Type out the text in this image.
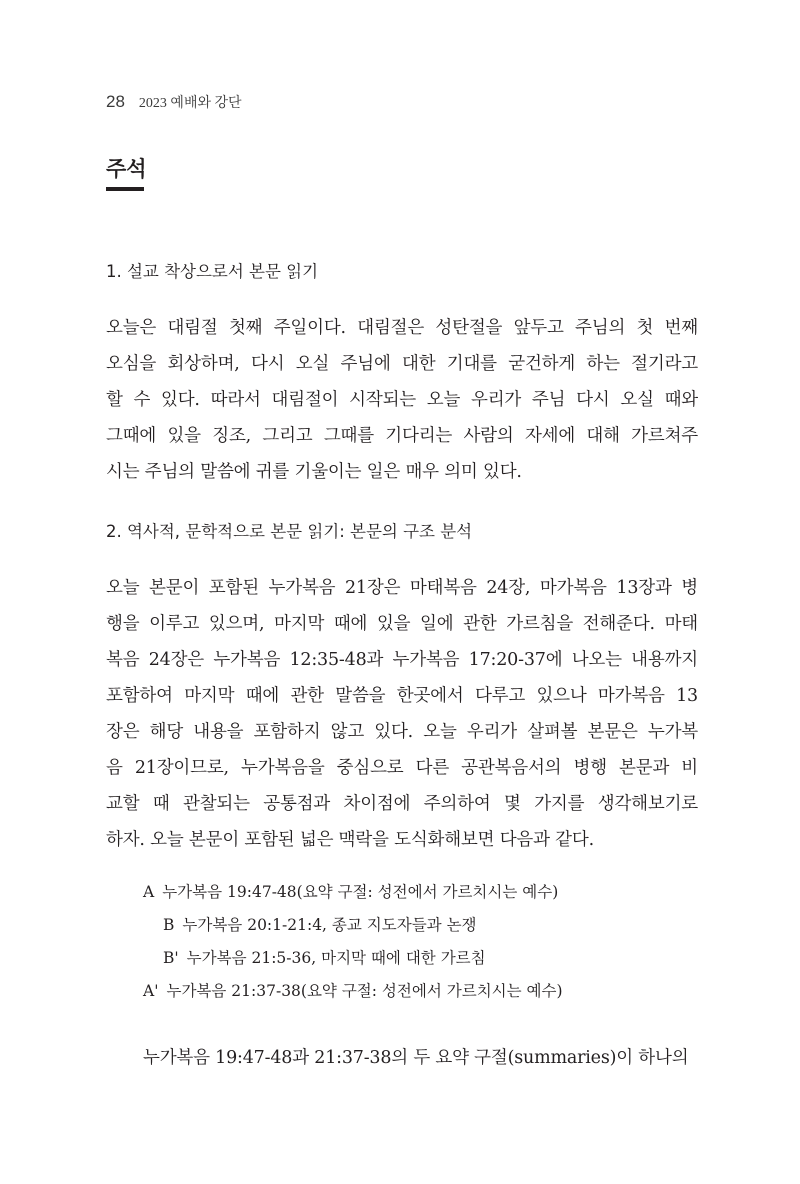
28 2023 예배와 강단
주석
1. 설교 착상으로서 본문 읽기
오늘은 대림절 첫째 주일이다. 대림절은 성탄절을 앞두고 주님의 첫 번째
오심을 회상하며, 다시 오실 주님에 대한 기대를 굳건하게 하는 절기라고
할 수 있다. 따라서 대림절이 시작되는 오늘 우리가 주님 다시 오실 때와
그때에 있을 징조, 그리고 그때를 기다리는 사람의 자세에 대해 가르쳐주
시는 주님의 말씀에 귀를 기울이는 일은 매우 의미 있다.
2. 역사적, 문학적으로 본문 읽기: 본문의 구조 분석
오늘 본문이 포함된 누가복음 21장은 마태복음 24장, 마가복음 13장과 병
행을 이루고 있으며, 마지막 때에 있을 일에 관한 가르침을 전해준다. 마태
복음 24장은 누가복음 12:35-48과 누가복음 17:20-37에 나오는 내용까지
포함하여 마지막 때에 관한 말씀을 한곳에서 다루고 있으나 마가복음 13
장은 해당 내용을 포함하지 않고 있다. 오늘 우리가 살펴볼 본문은 누가복
음 21장이므로, 누가복음을 중심으로 다른 공관복음서의 병행 본문과 비
교할 때 관찰되는 공통점과 차이점에 주의하여 몇 가지를 생각해보기로
하자. 오늘 본문이 포함된 넓은 맥락을 도식화해보면 다음과 같다.
A 누가복음 19:47-48(요약 구절: 성전에서 가르치시는 예수)
B 누가복음 20:1-21:4, 종교 지도자들과 논쟁
B' 누가복음 21:5-36, 마지막 때에 대한 가르침
A' 누가복음 21:37-38(요약 구절: 성전에서 가르치시는 예수)
누가복음 19:47-48과 21:37-38의 두 요약 구절(summaries)이 하나의
